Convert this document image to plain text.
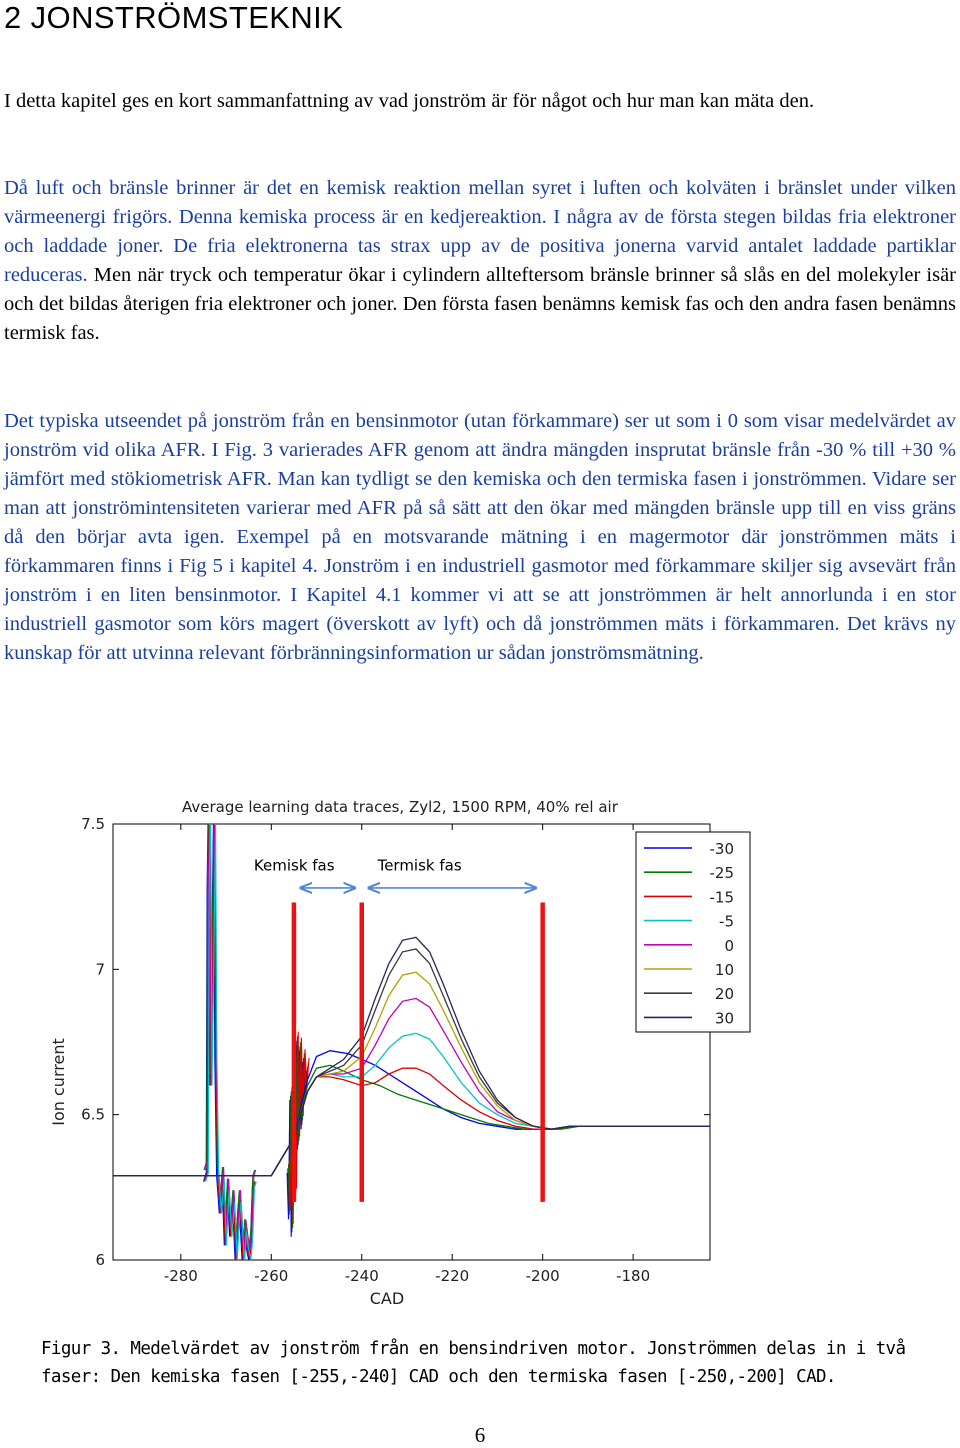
2 JONSTRÖMSTEKNIK

I detta kapitel ges en kort sammanfattning av vad jonström är för något och hur man kan mäta den.

Då luft och bränsle brinner är det en kemisk reaktion mellan syret i luften och kolväten i bränslet under vilken värmeenergi frigörs. Denna kemiska process är en kedjereaktion. I några av de första stegen bildas fria elektroner och laddade joner. De fria elektronerna tas strax upp av de positiva jonerna varvid antalet laddade partiklar reduceras. Men när tryck och temperatur ökar i cylindern allteftersom bränsle brinner så slås en del molekyler isär och det bildas återigen fria elektroner och joner. Den första fasen benämns kemisk fas och den andra fasen benämns termisk fas.

Det typiska utseendet på jonström från en bensinmotor (utan förkammare) ser ut som i 0 som visar medelvärdet av jonström vid olika AFR. I Fig. 3 varierades AFR genom att ändra mängden insprutat bränsle från -30 % till +30 % jämfört med stökiometrisk AFR. Man kan tydligt se den kemiska och den termiska fasen i jonströmmen. Vidare ser man att jonströmintensiteten varierar med AFR på så sätt att den ökar med mängden bränsle upp till en viss gräns då den börjar avta igen. Exempel på en motsvarande mätning i en magermotor där jonströmmen mäts i förkammaren finns i Fig 5 i kapitel 4. Jonström i en industriell gasmotor med förkammare skiljer sig avsevärt från jonström i en liten bensinmotor. I Kapitel 4.1 kommer vi att se att jonströmmen är helt annorlunda i en stor industriell gasmotor som körs magert (överskott av lyft) och då jonströmmen mäts i förkammaren. Det krävs ny kunskap för att utvinna relevant förbränningsinformation ur sådan jonströmsmätning.

Average learning data traces, Zyl2, 1500 RPM, 40% rel air
-280	-260	-240	-220	-200	-180
6
6.5
7
7.5
CAD
Ion current
Kemisk fas	Termisk fas
-30
-25
-15
-5
0
10
20
30
Figur 3. Medelvärdet av jonström från en bensindriven motor. Jonströmmen delas in i två
faser: Den kemiska fasen [-255,-240] CAD och den termiska fasen [-250,-200] CAD.
6
